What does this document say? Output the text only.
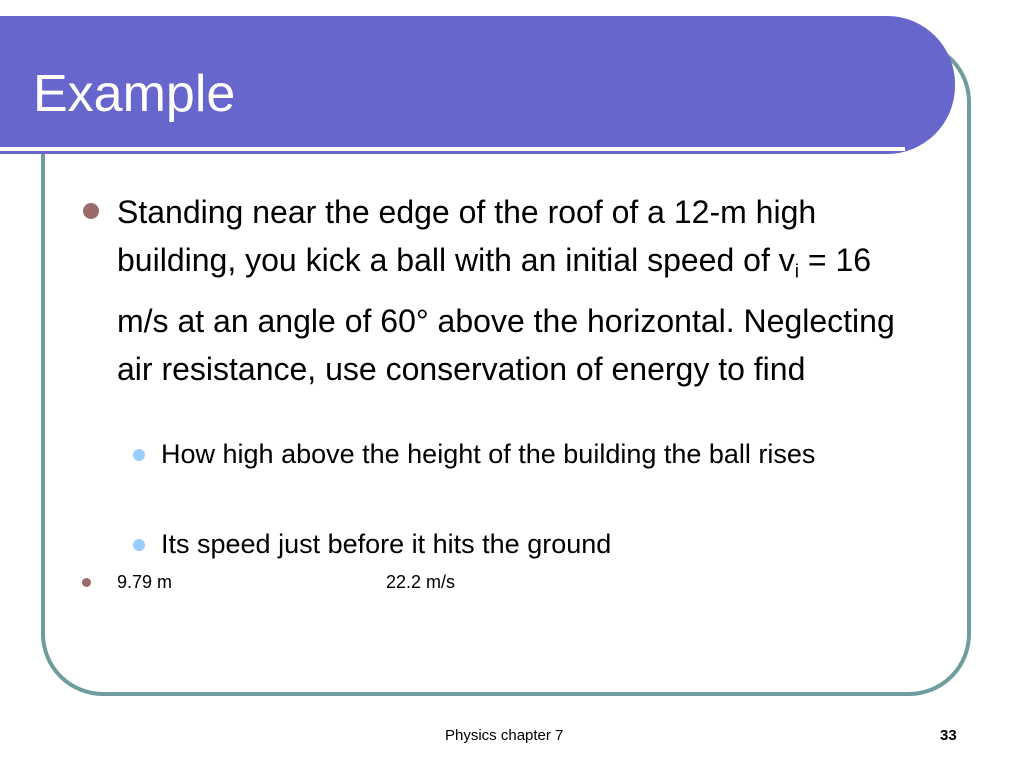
Example
Standing near the edge of the roof of a 12-m high building, you kick a ball with an initial speed of $v_i = 16$ m/s at an angle of 60° above the horizontal. Neglecting air resistance, use conservation of energy to find
How high above the height of the building the ball rises
Its speed just before it hits the ground
9.79 m	22.2 m/s
Physics chapter 7	33
